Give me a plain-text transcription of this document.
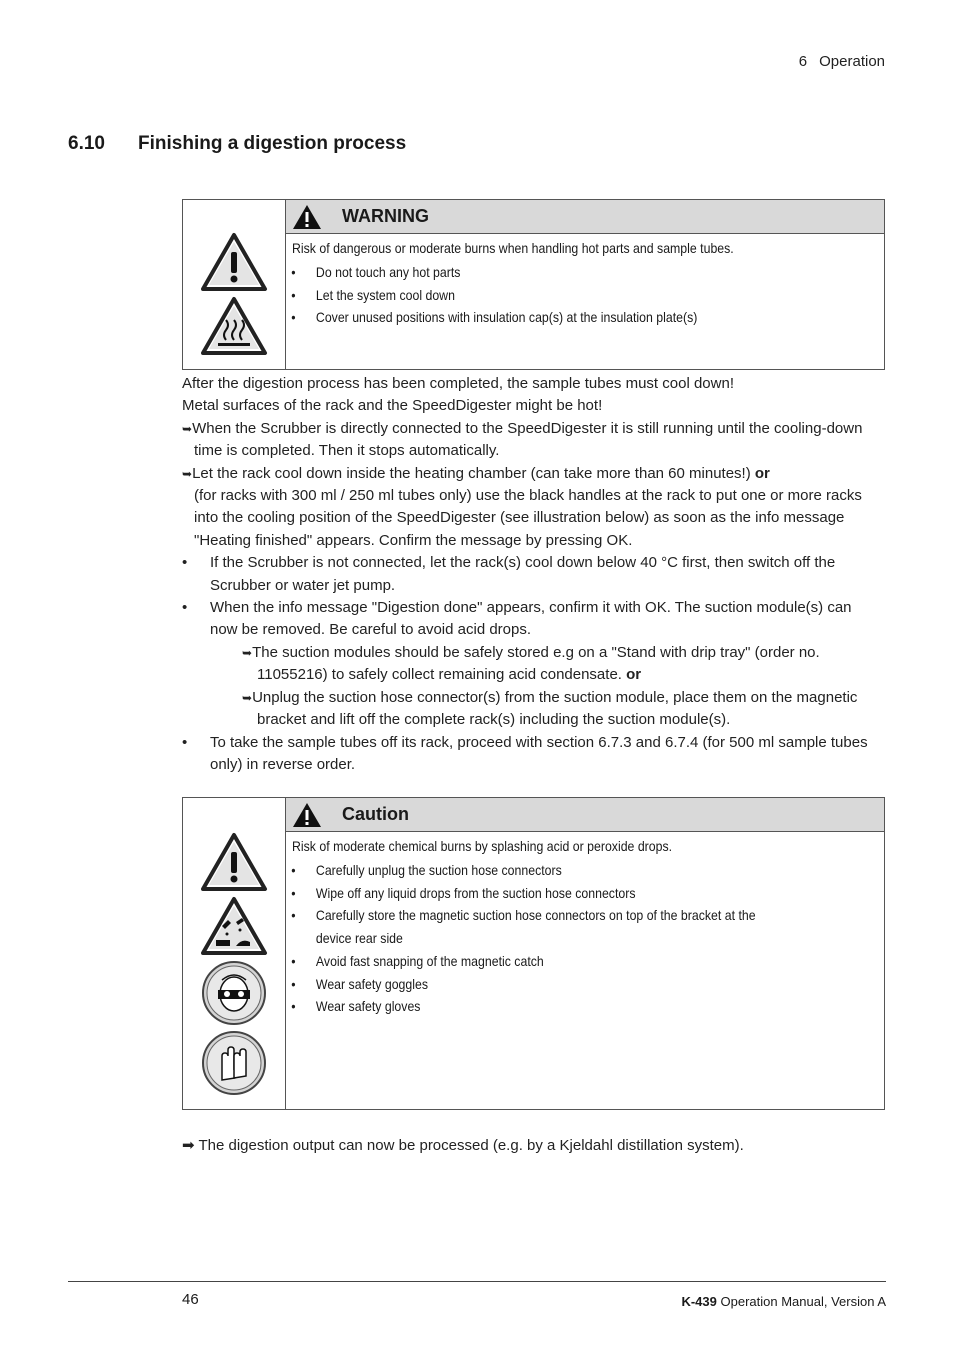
6 Operation
6.10 Finishing a digestion process
WARNING
Risk of dangerous or moderate burns when handling hot parts and sample tubes.
• Do not touch any hot parts
• Let the system cool down
• Cover unused positions with insulation cap(s) at the insulation plate(s)

After the digestion process has been completed, the sample tubes must cool down!

Metal surfaces of the rack and the SpeedDigester might be hot!

➥When the Scrubber is directly connected to the SpeedDigester it is still running until the cooling-down time is completed. Then it stops automatically.

➥Let the rack cool down inside the heating chamber (can take more than 60 minutes!) or
(for racks with 300 ml / 250 ml tubes only) use the black handles at the rack to put one or more racks into the cooling position of the SpeedDigester (see illustration below) as soon as the info message "Heating finished" appears. Confirm the message by pressing OK.

• If the Scrubber is not connected, let the rack(s) cool down below 40 °C first, then switch off the Scrubber or water jet pump.

• When the info message "Digestion done" appears, confirm it with OK. The suction module(s) can now be removed. Be careful to avoid acid drops.

➥The suction modules should be safely stored e.g on a "Stand with drip tray" (order no. 11055216) to safely collect remaining acid condensate. or

➥Unplug the suction hose connector(s) from the suction module, place them on the magnetic bracket and lift off the complete rack(s) including the suction module(s).

• To take the sample tubes off its rack, proceed with section 6.7.3 and 6.7.4 (for 500 ml sample tubes only) in reverse order.

Caution
Risk of moderate chemical burns by splashing acid or peroxide drops.
• Carefully unplug the suction hose connectors
• Wipe off any liquid drops from the suction hose connectors
• Carefully store the magnetic suction hose connectors on top of the bracket at the
device rear side
• Avoid fast snapping of the magnetic catch
• Wear safety goggles
• Wear safety gloves
➡ The digestion output can now be processed (e.g. by a Kjeldahl distillation system).
46	K-439 Operation Manual, Version A
